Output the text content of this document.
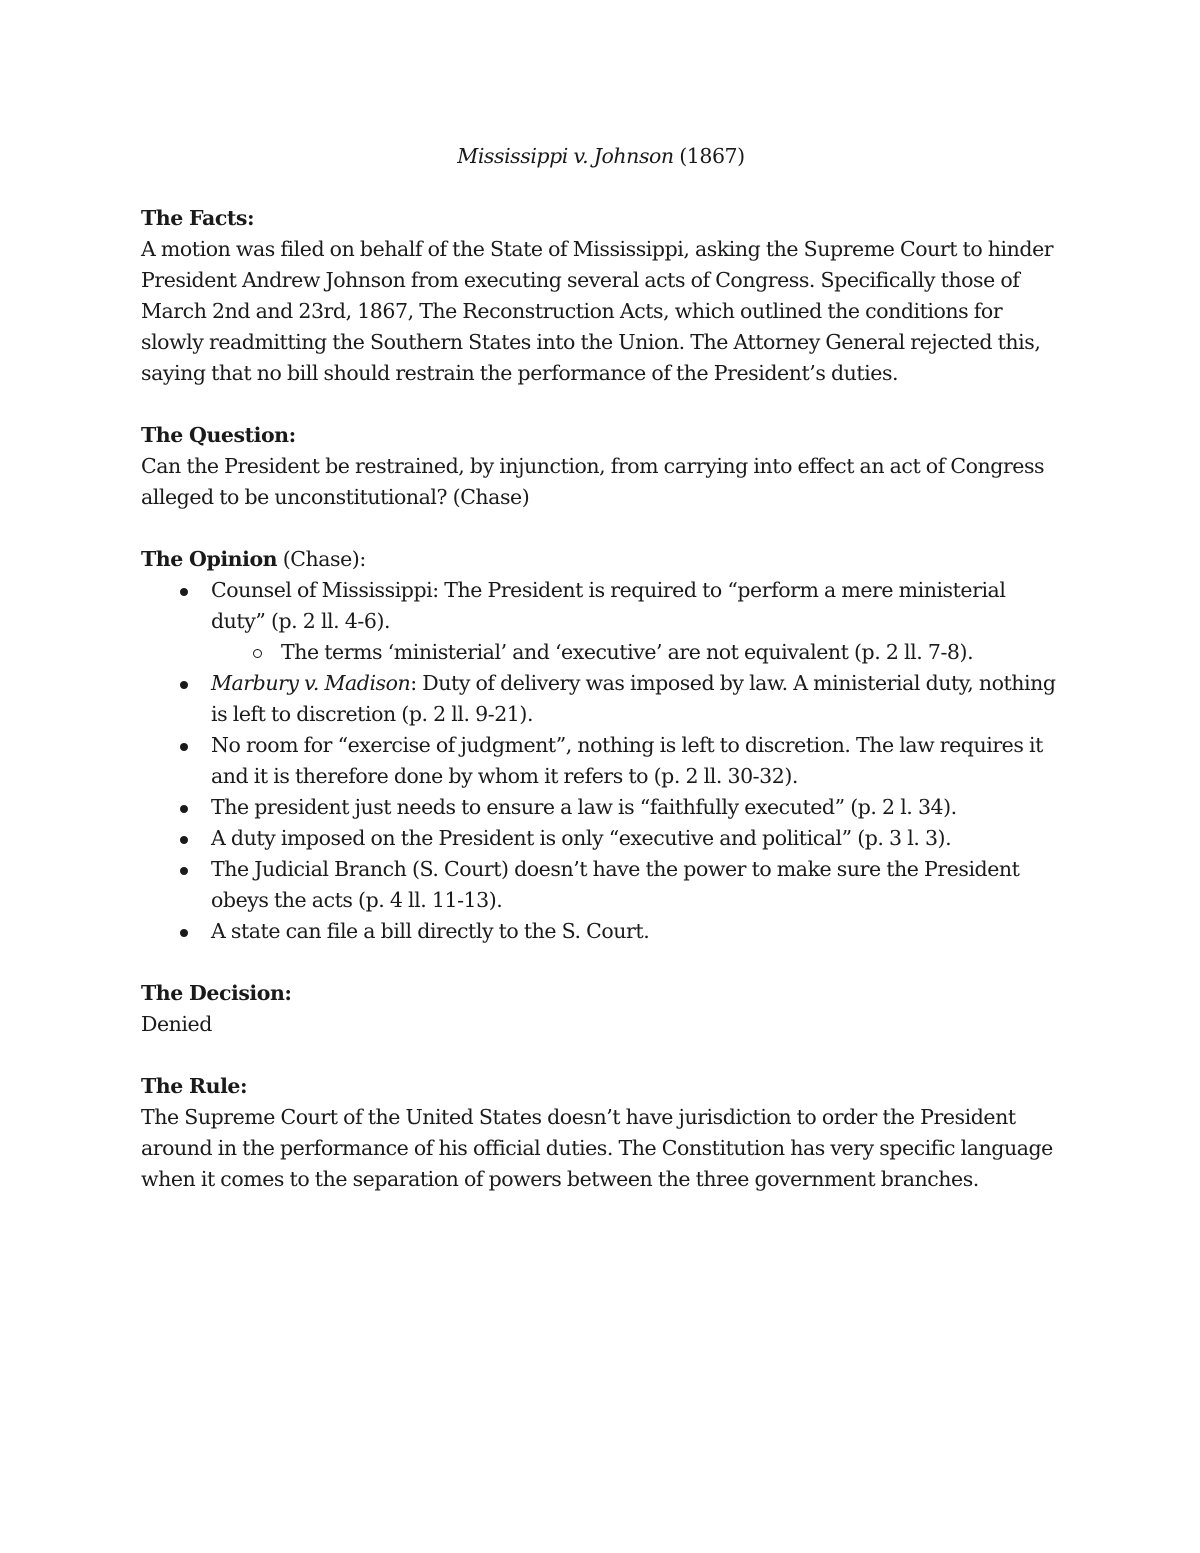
Mississippi v. Johnson (1867)
The Facts:

A motion was filed on behalf of the State of Mississippi, asking the Supreme Court to hinder President Andrew Johnson from executing several acts of Congress. Specifically those of March 2nd and 23rd, 1867, The Reconstruction Acts, which outlined the conditions for slowly readmitting the Southern States into the Union. The Attorney General rejected this, saying that no bill should restrain the performance of the President’s duties.

The Question:

Can the President be restrained, by injunction, from carrying into effect an act of Congress alleged to be unconstitutional? (Chase)

The Opinion (Chase):
Counsel of Mississippi: The President is required to “perform a mere ministerial duty” (p. 2 ll. 4-6).
The terms ‘ministerial’ and ‘executive’ are not equivalent (p. 2 ll. 7-8).
Marbury v. Madison: Duty of delivery was imposed by law. A ministerial duty, nothing is left to discretion (p. 2 ll. 9-21).
No room for “exercise of judgment”, nothing is left to discretion. The law requires it and it is therefore done by whom it refers to (p. 2 ll. 30-32).
The president just needs to ensure a law is “faithfully executed” (p. 2 l. 34).
A duty imposed on the President is only “executive and political” (p. 3 l. 3).
The Judicial Branch (S. Court) doesn’t have the power to make sure the President obeys the acts (p. 4 ll. 11-13).
A state can file a bill directly to the S. Court.
The Decision:

Denied

The Rule:

The Supreme Court of the United States doesn’t have jurisdiction to order the President around in the performance of his official duties. The Constitution has very specific language when it comes to the separation of powers between the three government branches.
